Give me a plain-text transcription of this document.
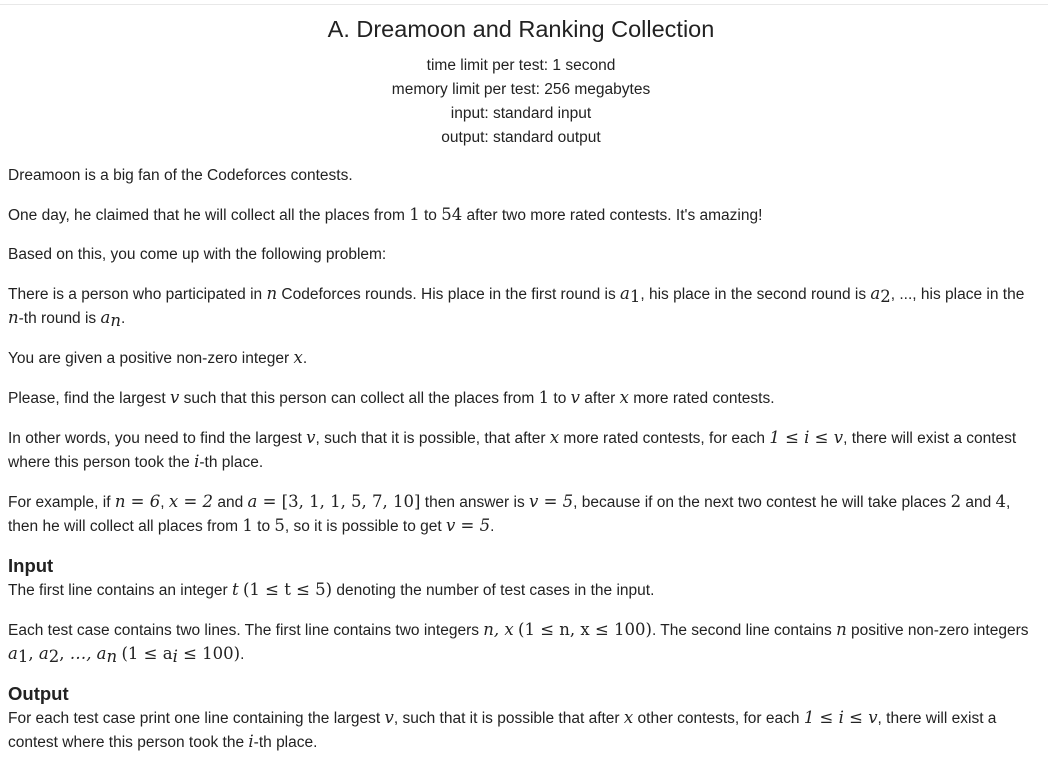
A. Dreamoon and Ranking Collection
time limit per test: 1 second
memory limit per test: 256 megabytes
input: standard input
output: standard output

Dreamoon is a big fan of the Codeforces contests.

One day, he claimed that he will collect all the places from 1 to 54 after two more rated contests. It's amazing!

Based on this, you come up with the following problem:

There is a person who participated in n Codeforces rounds. His place in the first round is $a_1$, his place in the second round is $a_2$, ..., his place in the n-th round is $a_n$.

You are given a positive non-zero integer x.

Please, find the largest v such that this person can collect all the places from 1 to v after x more rated contests.

In other words, you need to find the largest v, such that it is possible, that after x more rated contests, for each 1 ≤ i ≤ v, there will exist a contest where this person took the i-th place.

For example, if n = 6, x = 2 and a = [3, 1, 1, 5, 7, 10] then answer is v = 5, because if on the next two contest he will take places 2 and 4, then he will collect all places from 1 to 5, so it is possible to get v = 5.

Input

The first line contains an integer t (1 ≤ t ≤ 5) denoting the number of test cases in the input.

Each test case contains two lines. The first line contains two integers n, x (1 ≤ n, x ≤ 100). The second line contains n positive non-zero integers $a_1$, $a_2$, …, $a_n$ $(1 \le a_i \le 100)$.

Output

For each test case print one line containing the largest v, such that it is possible that after x other contests, for each 1 ≤ i ≤ v, there will exist a contest where this person took the i-th place.
